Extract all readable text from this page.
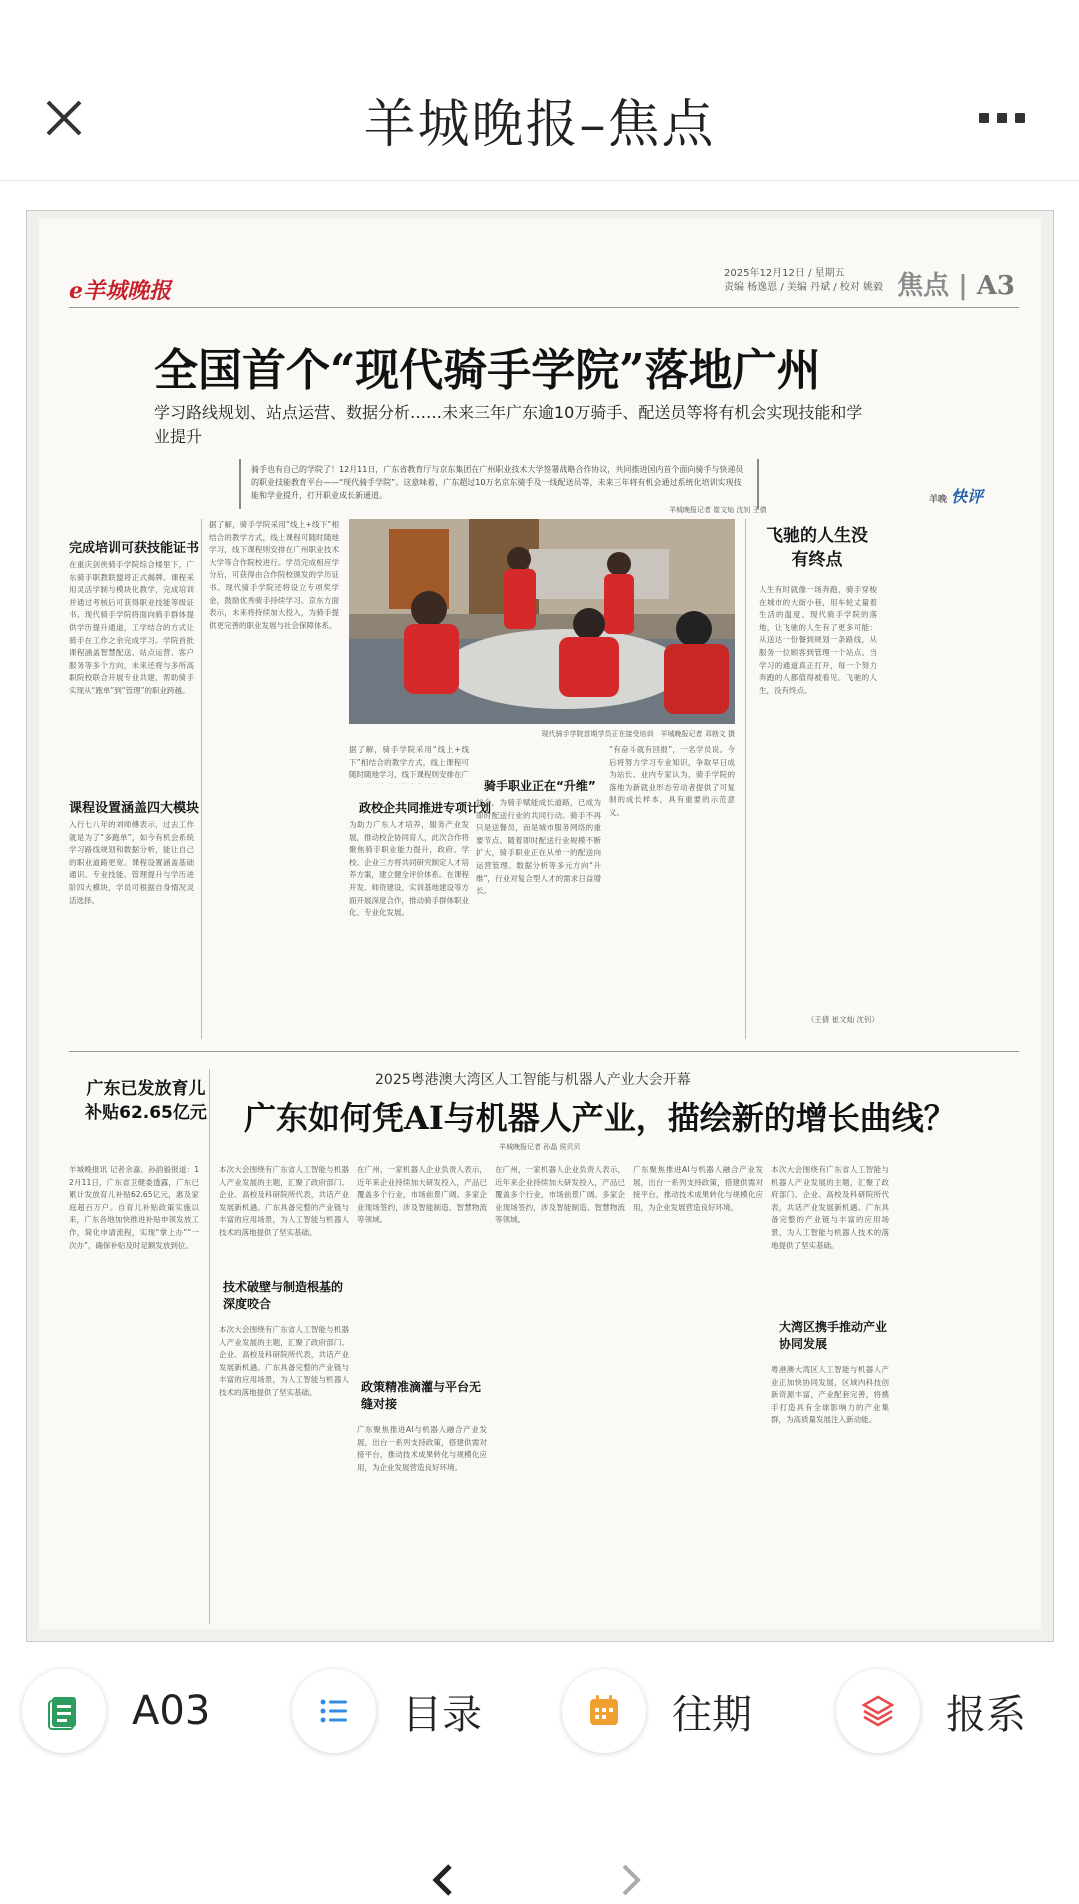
羊城晚报–焦点
e羊城晚报
2025年12月12日 / 星期五
责编 杨逸恩 / 美编 丹斌 / 校对 姚毅 焦点 | A3
全国首个“现代骑手学院”落地广州
学习路线规划、站点运营、数据分析……未来三年广东逾10万骑手、配送员等将有机会实现技能和学业提升
骑手也有自己的学院了！12月11日，广东省教育厅与京东集团在广州职业技术大学签署战略合作协议，共同推进国内首个面向骑手与快递员的职业技能教育平台——“现代骑手学院”。这意味着，广东超过10万名京东骑手及一线配送员等，未来三年将有机会通过系统化培训实现技能和学业提升，打开职业成长新通道。
羊城晚报记者 崔文灿 沈钊 王倩
羊晚 快评
完成培训可获技能证书
在重庆剑侠骑手学院综合楼里下，广东骑手职教联盟将正式揭牌。课程采用灵活学制与模块化教学，完成培训并通过考核后可获得职业技能等级证书。现代骑手学院将面向骑手群体提供学历提升通道，工学结合的方式让骑手在工作之余完成学习。学院首批课程涵盖智慧配送、站点运营、客户服务等多个方向，未来还将与多所高职院校联合开展专业共建，帮助骑手实现从“跑单”到“管理”的职业跨越。
课程设置涵盖四大模块
入行七八年的刘师傅表示，过去工作就是为了“多跑单”，如今有机会系统学习路线规划和数据分析，能让自己的职业道路更宽。课程设置涵盖基础通识、专业技能、管理提升与学历进阶四大模块，学员可根据自身情况灵活选择。
据了解，骑手学院采用“线上+线下”相结合的教学方式，线上课程可随时随地学习，线下课程则安排在广州职业技术大学等合作院校进行。学员完成相应学分后，可获得由合作院校颁发的学历证书。现代骑手学院还将设立专项奖学金，鼓励优秀骑手持续学习。京东方面表示，未来将持续加大投入，为骑手提供更完善的职业发展与社会保障体系。
现代骑手学院首期学员正在接受培训　羊城晚报记者 邓勃文 摄
据了解，骑手学院采用“线上+线下”相结合的教学方式，线上课程可随时随地学习，线下课程则安排在广
政校企共同推进专项计划
为助力广东人才培养，服务产业发展，推动校企协同育人，此次合作将聚焦骑手职业能力提升，政府、学校、企业三方将共同研究制定人才培养方案，建立健全评价体系。在课程开发、师资建设、实训基地建设等方面开展深度合作，推动骑手群体职业化、专业化发展。
骑手职业正在“升维”
如今，为骑手赋能成长道路，已成为即时配送行业的共同行动。骑手不再只是送餐员，而是城市服务网络的重要节点。随着即时配送行业规模不断扩大，骑手职业正在从单一的配送向运营管理、数据分析等多元方向“升维”，行业对复合型人才的需求日益增长。
“有奋斗就有回报”，一名学员说。今后将努力学习专业知识，争取早日成为站长。业内专家认为，骑手学院的落地为新就业形态劳动者提供了可复制的成长样本，具有重要的示范意义。
飞驰的人生没有终点
人生有时就像一场奔跑，骑手穿梭在城市的大街小巷，用车轮丈量着生活的温度。现代骑手学院的落地，让飞驰的人生有了更多可能：从送达一份餐到规划一条路线，从服务一位顾客到管理一个站点。当学习的通道真正打开，每一个努力奔跑的人都值得被看见。飞驰的人生，没有终点。
（王倩 崔文灿 沈钊）
广东已发放育儿补贴62.65亿元
羊城晚报讯 记者余嘉、孙韵毅报道：12月11日，广东省卫健委透露，广东已累计发放育儿补贴62.65亿元，惠及家庭超百万户。自育儿补贴政策实施以来，广东各地加快推进补贴申领发放工作，简化申请流程，实现“掌上办”“一次办”，确保补贴及时足额发放到位。
2025粤港澳大湾区人工智能与机器人产业大会开幕
广东如何凭AI与机器人产业，描绘新的增长曲线？
羊城晚报记者 孙晶 侯贝贝
本次大会围绕有广东省人工智能与机器人产业发展的主题，汇聚了政府部门、企业、高校及科研院所代表，共话产业发展新机遇。广东具备完整的产业链与丰富的应用场景，为人工智能与机器人技术的落地提供了坚实基础。
技术破壁与制造根基的深度咬合
本次大会围绕有广东省人工智能与机器人产业发展的主题，汇聚了政府部门、企业、高校及科研院所代表，共话产业发展新机遇。广东具备完整的产业链与丰富的应用场景，为人工智能与机器人技术的落地提供了坚实基础。
在广州，一家机器人企业负责人表示，近年来企业持续加大研发投入，产品已覆盖多个行业，市场前景广阔。多家企业现场签约，涉及智能制造、智慧物流等领域。
政策精准滴灌与平台无缝对接
广东聚焦推进AI与机器人融合产业发展，出台一系列支持政策，搭建供需对接平台，推动技术成果转化与规模化应用，为企业发展营造良好环境。
在广州，一家机器人企业负责人表示，近年来企业持续加大研发投入，产品已覆盖多个行业，市场前景广阔。多家企业现场签约，涉及智能制造、智慧物流等领域。
广东聚焦推进AI与机器人融合产业发展，出台一系列支持政策，搭建供需对接平台，推动技术成果转化与规模化应用，为企业发展营造良好环境。
本次大会围绕有广东省人工智能与机器人产业发展的主题，汇聚了政府部门、企业、高校及科研院所代表，共话产业发展新机遇。广东具备完整的产业链与丰富的应用场景，为人工智能与机器人技术的落地提供了坚实基础。
大湾区携手推动产业协同发展
粤港澳大湾区人工智能与机器人产业正加快协同发展，区域内科技创新资源丰富，产业配套完善，将携手打造具有全球影响力的产业集群，为高质量发展注入新动能。
A03	目录	往期	报系
